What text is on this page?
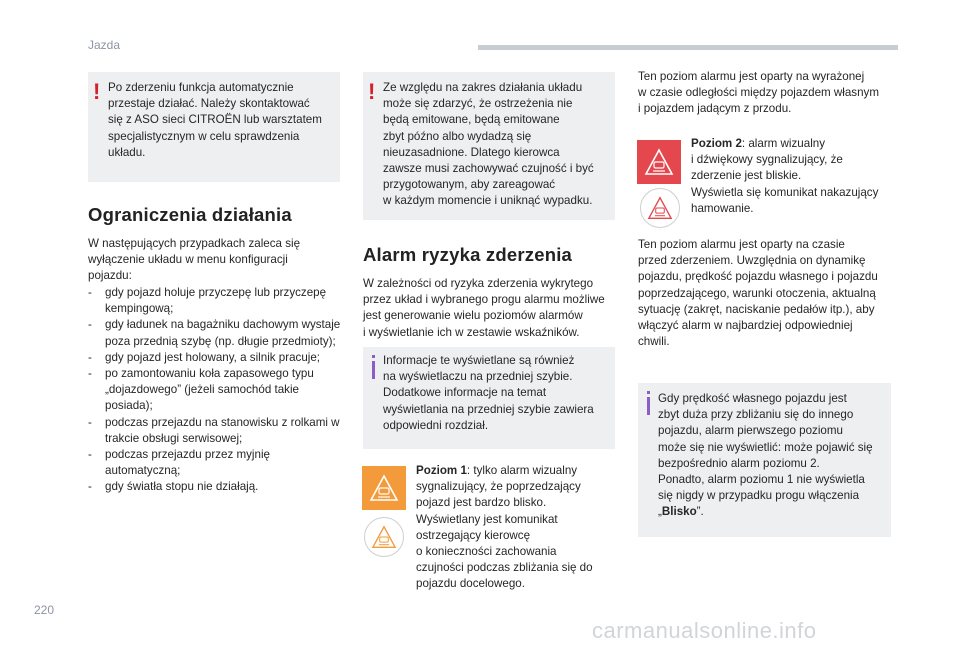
Jazda
! Po zderzeniu funkcja automatycznie
przestaje działać. Należy skontaktować
się z ASO sieci CITROËN lub warsztatem
specjalistycznym w celu sprawdzenia
układu.

Ograniczenia działania
W następujących przypadkach zaleca się
wyłączenie układu w menu konfiguracji
pojazdu:
- gdy pojazd holuje przyczepę lub przyczepę kempingową;
- gdy ładunek na bagażniku dachowym wystaje poza przednią szybę (np. długie przedmioty);
- gdy pojazd jest holowany, a silnik pracuje;
- po zamontowaniu koła zapasowego typu „dojazdowego” (jeżeli samochód takie posiada);
- podczas przejazdu na stanowisku z rolkami w trakcie obsługi serwisowej;
- podczas przejazdu przez myjnię automatyczną;
- gdy światła stopu nie działają.
! Ze względu na zakres działania układu
może się zdarzyć, że ostrzeżenia nie
będą emitowane, będą emitowane
zbyt późno albo wydadzą się
nieuzasadnione. Dlatego kierowca
zawsze musi zachowywać czujność i być
przygotowanym, aby zareagować
w każdym momencie i uniknąć wypadku.

Alarm ryzyka zderzenia
W zależności od ryzyka zderzenia wykrytego
przez układ i wybranego progu alarmu możliwe
jest generowanie wielu poziomów alarmów
i wyświetlanie ich w zestawie wskaźników.

Informacje te wyświetlane są również
na wyświetlaczu na przedniej szybie.
Dodatkowe informacje na temat
wyświetlania na przedniej szybie zawiera
odpowiedni rozdział.

Poziom 1: tylko alarm wizualny
sygnalizujący, że poprzedzający
pojazd jest bardzo blisko.
Wyświetlany jest komunikat
ostrzegający kierowcę
o konieczności zachowania
czujności podczas zbliżania się do
pojazdu docelowego.
Ten poziom alarmu jest oparty na wyrażonej
w czasie odległości między pojazdem własnym
i pojazdem jadącym z przodu.
Poziom 2: alarm wizualny
i dźwiękowy sygnalizujący, że
zderzenie jest bliskie.
Wyświetla się komunikat nakazujący
hamowanie.
Ten poziom alarmu jest oparty na czasie
przed zderzeniem. Uwzględnia on dynamikę
pojazdu, prędkość pojazdu własnego i pojazdu
poprzedzającego, warunki otoczenia, aktualną
sytuację (zakręt, naciskanie pedałów itp.), aby
włączyć alarm w najbardziej odpowiedniej
chwili.

Gdy prędkość własnego pojazdu jest
zbyt duża przy zbliżaniu się do innego
pojazdu, alarm pierwszego poziomu
może się nie wyświetlić: może pojawić się
bezpośrednio alarm poziomu 2.
Ponadto, alarm poziomu 1 nie wyświetla
się nigdy w przypadku progu włączenia
„Blisko”.

220
carmanualsonline.info
